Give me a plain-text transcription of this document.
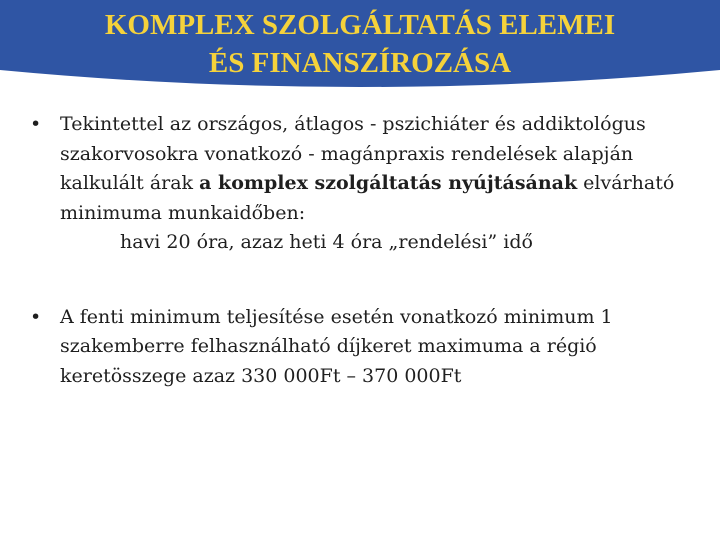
KOMPLEX SZOLGÁLTATÁS ELEMEI
ÉS FINANSZÍROZÁSA
• Tekintettel az országos, átlagos - pszichiáter és addiktológus szakorvosokra vonatkozó - magánpraxis rendelések alapján kalkulált árak a komplex szolgáltatás nyújtásának elvárható minimuma munkaidőben:
havi 20 óra, azaz heti 4 óra „rendelési” idő
• A fenti minimum teljesítése esetén vonatkozó minimum 1 szakemberre felhasználható díjkeret maximuma a régió keretösszege azaz 330 000Ft – 370 000Ft
